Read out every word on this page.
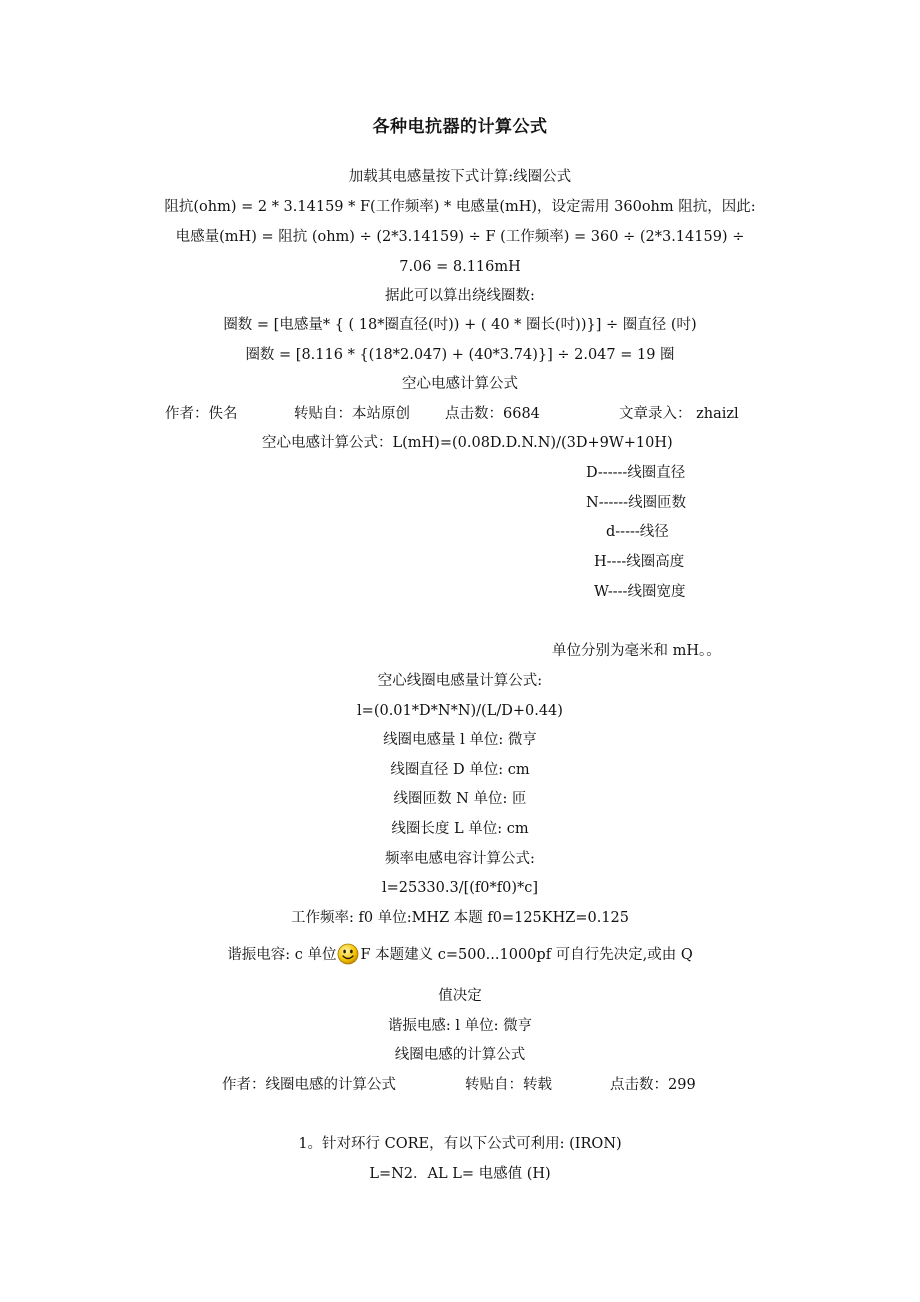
各种电抗器的计算公式
加载其电感量按下式计算:线圈公式
阻抗(ohm) = 2 * 3.14159 * F(工作频率) * 电感量(mH)，设定需用 360ohm 阻抗，因此:
电感量(mH) = 阻抗 (ohm) ÷ (2*3.14159) ÷ F (工作频率) = 360 ÷ (2*3.14159) ÷
7.06 = 8.116mH
据此可以算出绕线圈数:
圈数 = [电感量* { ( 18*圈直径(吋)) + ( 40 * 圈长(吋))}] ÷ 圈直径 (吋)
圈数 = [8.116 * {(18*2.047) + (40*3.74)}] ÷ 2.047 = 19 圈
空心电感计算公式
作者：佚名	转贴自：本站原创 点击数：6684	文章录入： zhaizl
空心电感计算公式：L(mH)=(0.08D.D.N.N)/(3D+9W+10H)
D------线圈直径
N------线圈匝数
d-----线径
H----线圈高度
W----线圈宽度
单位分别为毫米和 mH。。
空心线圈电感量计算公式:
l=(0.01*D*N*N)/(L/D+0.44)
线圈电感量 l 单位: 微亨
线圈直径 D 单位: cm
线圈匝数 N 单位: 匝
线圈长度 L 单位: cm
频率电感电容计算公式:
l=25330.3/[(f0*f0)*c]
工作频率: f0 单位:MHZ 本题 f0=125KHZ=0.125
谐振电容: c 单位 F 本题建义 c=500...1000pf 可自行先决定,或由 Q
值决定
谐振电感: l 单位: 微亨
线圈电感的计算公式
作者：线圈电感的计算公式	转贴自：转载	点击数：299
1。针对环行 CORE，有以下公式可利用: (IRON)
L=N2．AL L= 电感值 (H)
